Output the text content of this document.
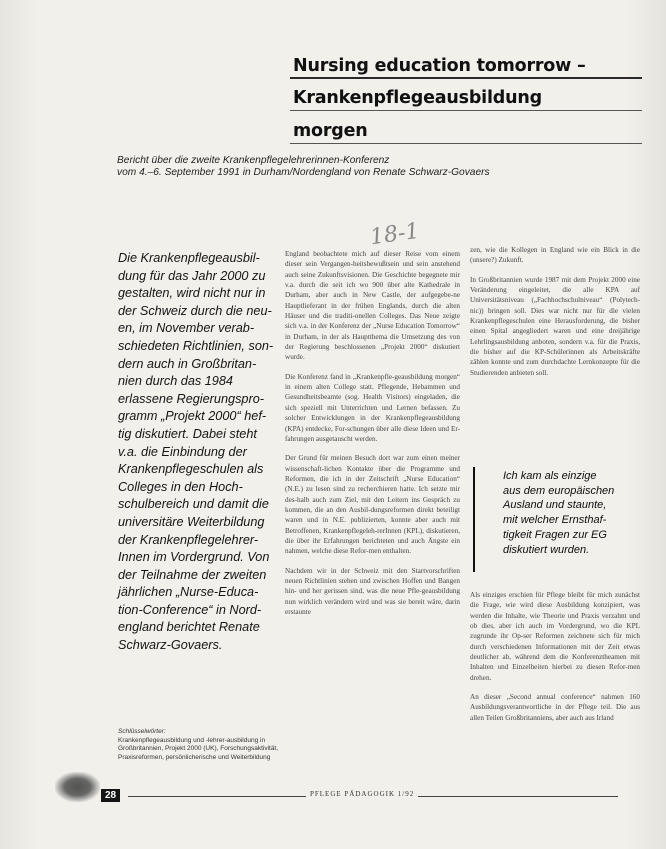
Nursing education tomorrow –
Krankenpflegeausbildung
morgen
Bericht über die zweite Krankenpflegelehrerinnen-Konferenz
vom 4.–6. September 1991 in Durham/Nordengland von Renate Schwarz-Govaers
18-1
Die Krankenpflegeausbil-
dung für das Jahr 2000 zu
gestalten, wird nicht nur in
der Schweiz durch die neu-
en, im November verab-
schiedeten Richtlinien, son-
dern auch in Großbritan-
nien durch das 1984
erlassene Regierungspro-
gramm „Projekt 2000“ hef-
tig diskutiert. Dabei steht
v.a. die Einbindung der
Krankenpflegeschulen als
Colleges in den Hoch-
schulbereich und damit die
universitäre Weiterbildung
der Krankenpflegelehrer-
Innen im Vordergrund. Von
der Teilnahme der zweiten
jährlichen „Nurse-Educa-
tion-Conference“ in Nord-
england berichtet Renate
Schwarz-Govaers.

England beobachtete mich auf dieser Reise vom einem dieser sein Vergangen-heitsbewußtsein und sein anstehend auch seine Zukunftsvisionen. Die Geschichte begegnete mir v.a. durch die seit ich wo 900 über alte Kathedrale in Durham, aber auch in New Castle, der aufgegebe-ne Hauptlieferant in der frühen Englands, durch die alten Häuser und die traditi-onellen Colleges. Das Neue zeigte sich v.a. in der Konferenz der „Nurse Education Tomorrow“ in Durham, in der als Hauptthema die Umsetzung des von der Regierung beschlossenen „Projekt 2000“ diskutiert wurde.

Die Konferenz fand in „Krankenpfle-geausbildung morgen“ in einem alten College statt. Pflegende, Hebammen und Gesundheitsbeamte (sog. Health Visitors) eingeladen, die sich speziell mit Unterrichten und Lernen befassen. Zu solcher Entwicklungen in der Krankenpflegeausbildung (KPA) entdecke, For-schungen über alle diese Ideen und Er-fahrungen ausgetauscht werden.

Der Grund für meinen Besuch dort war zum einen meiner wissenschaft-lichen Kontakte über die Programme und Reformen, die ich in der Zeitschrift „Nurse Education“ (N.E.) zu lesen sind zu recherchieren hatte. Ich setzte mir des-halb auch zum Ziel, mit den Leitern ins Gespräch zu kommen, die an den Ausbil-dungsreformen direkt beteiligt waren und in N.E. publizierten, konnte aber auch mit Betroffenen, Krankenpflegeleh-rerInnen (KPL), diskutieren, die über ihr Erfahrungen berichteten und auch Ängste ein nahmen, welche diese Refor-men enthalten.

Nachdem wir in der Schweiz mit den Startvorschriften neuen Richtlinien stehen und zwischen Hoffen und Bangen hin- und her gerissen sind, was die neue Pfle-geausbildung nun wirklich verändern wird und was sie bereit wäre, darin erstaunte

zen, wie die Kollegen in England wie ein Blick in die (unsere?) Zukunft.

In Großbritannien wurde 1987 mit dem Projekt 2000 eine Veränderung eingeleitet, die alle KPA auf Universitätsniveau („Fachhochschulniveau“ (Polytech-nic)) bringen soll. Dies war nicht nur für die vielen Krankenpflegeschulen eine Herausforderung, die bisher einen Spital angegliedert waren und eine dreijährige Lehrlingsausbildung anboten, sondern v.a. für die Praxis, die bisher auf die KP-Schülerinnen als Arbeitskräfte zählen konnte und zum durchdachte Lernkonzepte für die Studierenden anbieten soll.

Ich kam als einzige
aus dem europäischen
Ausland und staunte,
mit welcher Ernsthaf-
tigkeit Fragen zur EG
diskutiert wurden.

Als einziges erschien für Pflege bleibt für mich zunächst die Frage, wie wird diese Ausbildung konzipiert, was werden die Inhalte, wie Theorie und Praxis verzahnt und ob dies, aber ich auch im Vordergrund, wo die KPL zugrunde ihr Op-ser Reformen zeichnete sich für mich durch verschiedenen Informationen mit der Zeit etwas deutlicher ab, während dem die Konferenztheamen mit Inhalten und Einzelheiten hierbei zu diesen Refor-men drehen.

An dieser „Second annual conference“ nahmen 160 Ausbildungsverantwortliche in der Pflege teil. Die aus allen Teilen Großbritanniens, aber auch aus Irland

Schlüsselwörter:
Krankenpflegeausbildung und -lehrer-ausbildung in Großbritannien, Projekt 2000 (UK), Forschungsaktivität, Praxisreformen, persönlicherische und Weiterbildung
28	PFLEGE PÄDAGOGIK 1/92
